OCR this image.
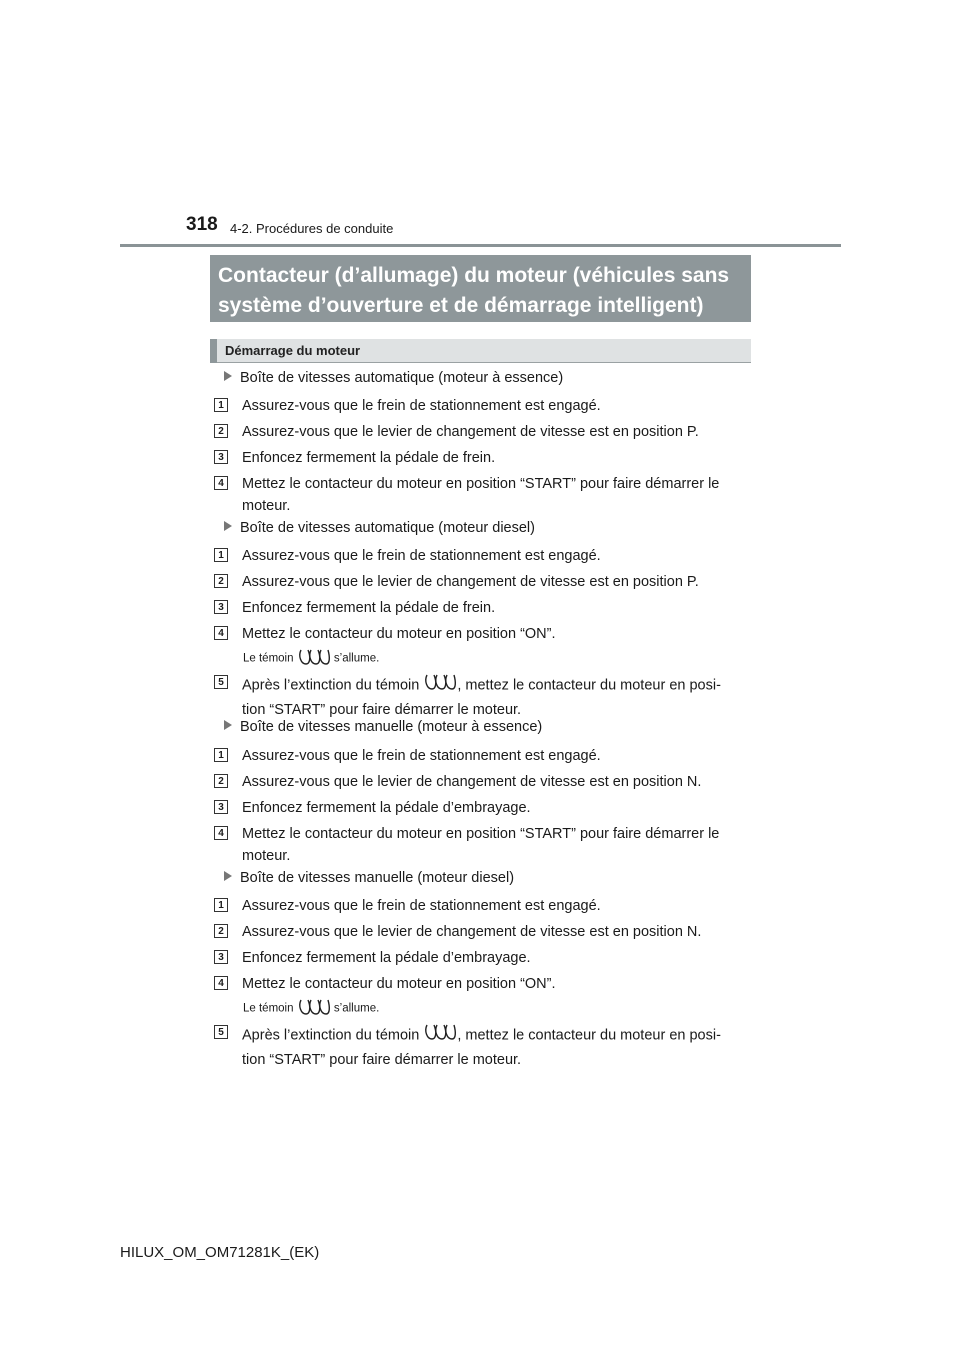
318 4-2. Procédures de conduite
Contacteur (d’allumage) du moteur (véhicules sans
système d’ouverture et de démarrage intelligent)
Démarrage du moteur
Boîte de vitesses automatique (moteur à essence)
1 Assurez-vous que le frein de stationnement est engagé.
2 Assurez-vous que le levier de changement de vitesse est en position P.
3 Enfoncez fermement la pédale de frein.
4 Mettez le contacteur du moteur en position “START” pour faire démarrer le
moteur.
Boîte de vitesses automatique (moteur diesel)
1 Assurez-vous que le frein de stationnement est engagé.
2 Assurez-vous que le levier de changement de vitesse est en position P.
3 Enfoncez fermement la pédale de frein.
4 Mettez le contacteur du moteur en position “ON”.
Le témoin	s’allume.
5 Après l’extinction du témoin	, mettez le contacteur du moteur en posi-
tion “START” pour faire démarrer le moteur.
Boîte de vitesses manuelle (moteur à essence)
1 Assurez-vous que le frein de stationnement est engagé.
2 Assurez-vous que le levier de changement de vitesse est en position N.
3 Enfoncez fermement la pédale d’embrayage.
4 Mettez le contacteur du moteur en position “START” pour faire démarrer le
moteur.
Boîte de vitesses manuelle (moteur diesel)
1 Assurez-vous que le frein de stationnement est engagé.
2 Assurez-vous que le levier de changement de vitesse est en position N.
3 Enfoncez fermement la pédale d’embrayage.
4 Mettez le contacteur du moteur en position “ON”.
Le témoin	s’allume.
5 Après l’extinction du témoin	, mettez le contacteur du moteur en posi-
tion “START” pour faire démarrer le moteur.
HILUX_OM_OM71281K_(EK)
